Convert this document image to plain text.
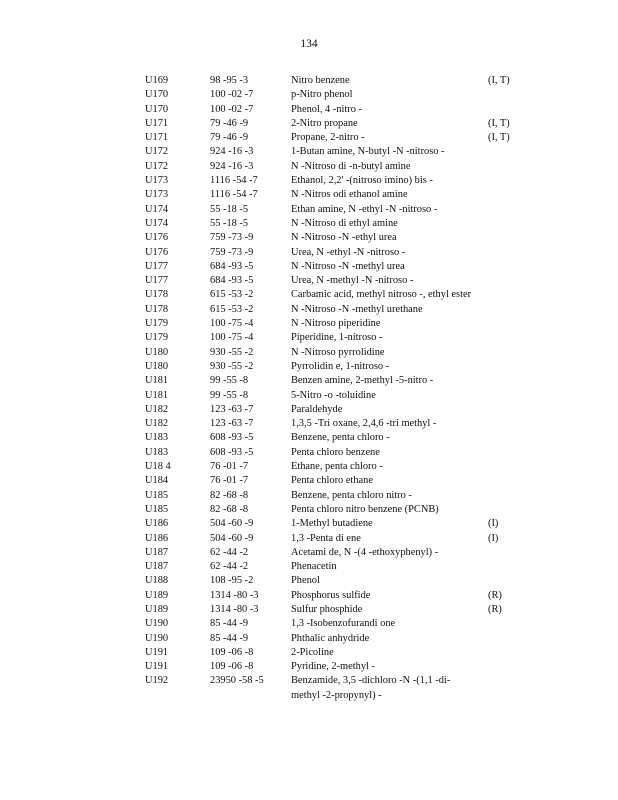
134
U169	98 -95 -3	Nitro benzene	(I, T)
U170	100 -02 -7	p-Nitro phenol
U170	100 -02 -7	Phenol, 4 -nitro -
U171	79 -46 -9	2-Nitro propane	(I, T)
U171	79 -46 -9	Propane, 2-nitro -	(I, T)
U172	924 -16 -3	1-Butan amine, N-butyl -N -nitroso -
U172	924 -16 -3	N -Nitroso di -n-butyl amine
U173	1116 -54 -7	Ethanol, 2,2' -(nitroso imino) bis -
U173	1116 -54 -7	N -Nitros odi ethanol amine
U174	55 -18 -5	Ethan amine, N -ethyl -N -nitroso -
U174	55 -18 -5	N -Nitroso di ethyl amine
U176	759 -73 -9	N -Nitroso -N -ethyl urea
U176	759 -73 -9	Urea, N -ethyl -N -nitroso -
U177	684 -93 -5	N -Nitroso -N -methyl urea
U177	684 -93 -5	Urea, N -methyl -N -nitroso -
U178	615 -53 -2	Carbamic acid, methyl nitroso -, ethyl ester
U178	615 -53 -2	N -Nitroso -N -methyl urethane
U179	100 -75 -4	N -Nitroso piperidine
U179	100 -75 -4	Piperidine, 1-nitroso -
U180	930 -55 -2	N -Nitroso pyrrolidine
U180	930 -55 -2	Pyrrolidin e, 1-nitroso -
U181	99 -55 -8	Benzen amine, 2-methyl -5-nitro -
U181	99 -55 -8	5-Nitro -o -toluidine
U182	123 -63 -7	Paraldehyde
U182	123 -63 -7	1,3,5 -Tri oxane, 2,4,6 -tri methyl -
U183	608 -93 -5	Benzene, penta chloro -
U183	608 -93 -5	Penta chloro benzene
U18 4	76 -01 -7	Ethane, penta chloro -
U184	76 -01 -7	Penta chloro ethane
U185	82 -68 -8	Benzene, penta chloro nitro -
U185	82 -68 -8	Penta chloro nitro benzene (PCNB)
U186	504 -60 -9	1-Methyl butadiene	(I)
U186	504 -60 -9	1,3 -Penta di ene	(I)
U187	62 -44 -2	Acetami de, N -(4 -ethoxyphenyl) -
U187	62 -44 -2	Phenacetin
U188	108 -95 -2	Phenol
U189	1314 -80 -3	Phosphorus sulfide	(R)
U189	1314 -80 -3	Sulfur phosphide	(R)
U190	85 -44 -9	1,3 -Isobenzofurandi one
U190	85 -44 -9	Phthalic anhydride
U191	109 -06 -8	2-Picoline
U191	109 -06 -8	Pyridine, 2-methyl -
U192	23950 -58 -5	Benzamide, 3,5 -dichloro -N -(1,1 -di- methyl -2-propynyl) -
